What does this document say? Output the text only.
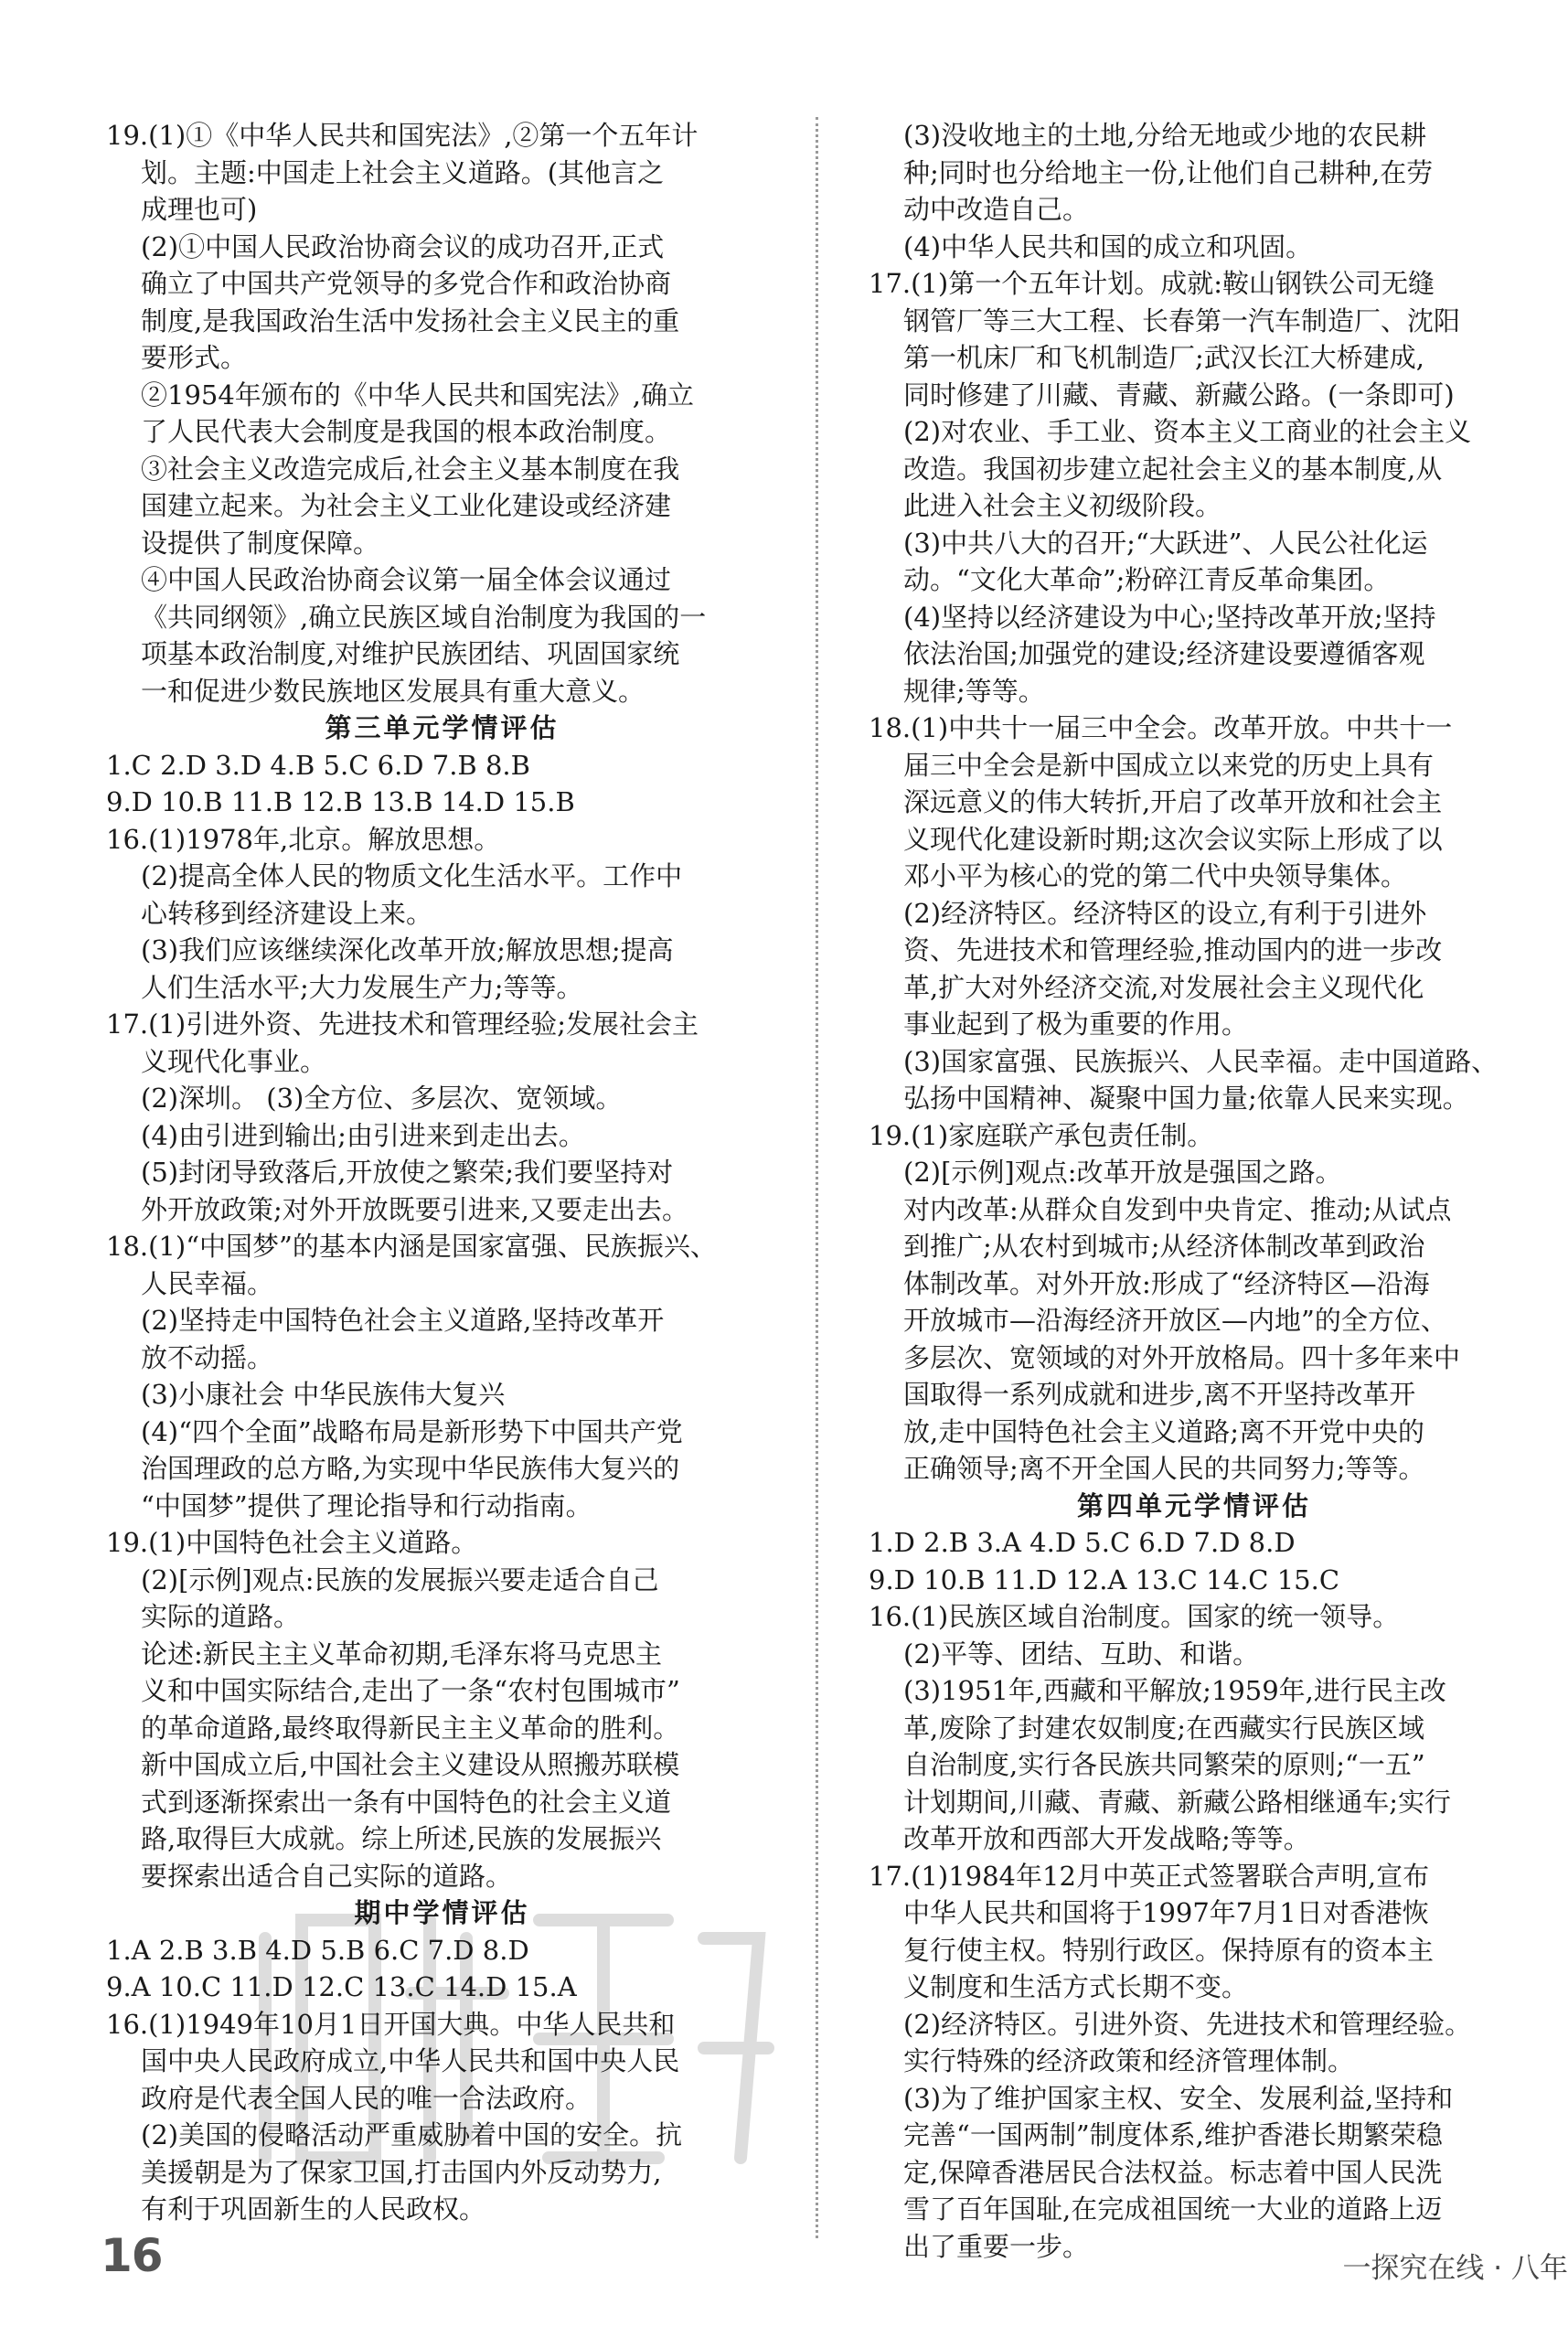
19.(1)①《中华人民共和国宪法》,②第一个五年计
划。主题:中国走上社会主义道路。(其他言之
成理也可)
(2)①中国人民政治协商会议的成功召开,正式
确立了中国共产党领导的多党合作和政治协商
制度,是我国政治生活中发扬社会主义民主的重
要形式。
②1954年颁布的《中华人民共和国宪法》,确立
了人民代表大会制度是我国的根本政治制度。
③社会主义改造完成后,社会主义基本制度在我
国建立起来。为社会主义工业化建设或经济建
设提供了制度保障。
④中国人民政治协商会议第一届全体会议通过
《共同纲领》,确立民族区域自治制度为我国的一
项基本政治制度,对维护民族团结、巩固国家统
一和促进少数民族地区发展具有重大意义。
第三单元学情评估
1.C 2.D 3.D 4.B 5.C 6.D 7.B 8.B
9.D 10.B 11.B 12.B 13.B 14.D 15.B
16.(1)1978年,北京。解放思想。
(2)提高全体人民的物质文化生活水平。工作中
心转移到经济建设上来。
(3)我们应该继续深化改革开放;解放思想;提高
人们生活水平;大力发展生产力;等等。
17.(1)引进外资、先进技术和管理经验;发展社会主
义现代化事业。
(2)深圳。 (3)全方位、多层次、宽领域。
(4)由引进到输出;由引进来到走出去。
(5)封闭导致落后,开放使之繁荣;我们要坚持对
外开放政策;对外开放既要引进来,又要走出去。
18.(1)“中国梦”的基本内涵是国家富强、民族振兴、
人民幸福。
(2)坚持走中国特色社会主义道路,坚持改革开
放不动摇。
(3)小康社会 中华民族伟大复兴
(4)“四个全面”战略布局是新形势下中国共产党
治国理政的总方略,为实现中华民族伟大复兴的
“中国梦”提供了理论指导和行动指南。
19.(1)中国特色社会主义道路。
(2)[示例]观点:民族的发展振兴要走适合自己
实际的道路。
论述:新民主主义革命初期,毛泽东将马克思主
义和中国实际结合,走出了一条“农村包围城市”
的革命道路,最终取得新民主主义革命的胜利。
新中国成立后,中国社会主义建设从照搬苏联模
式到逐渐探索出一条有中国特色的社会主义道
路,取得巨大成就。综上所述,民族的发展振兴
要探索出适合自己实际的道路。
期中学情评估
1.A 2.B 3.B 4.D 5.B 6.C 7.D 8.D
9.A 10.C 11.D 12.C 13.C 14.D 15.A
16.(1)1949年10月1日开国大典。中华人民共和
国中央人民政府成立,中华人民共和国中央人民
政府是代表全国人民的唯一合法政府。
(2)美国的侵略活动严重威胁着中国的安全。抗
美援朝是为了保家卫国,打击国内外反动势力,
有利于巩固新生的人民政权。
(3)没收地主的土地,分给无地或少地的农民耕
种;同时也分给地主一份,让他们自己耕种,在劳
动中改造自己。
(4)中华人民共和国的成立和巩固。
17.(1)第一个五年计划。成就:鞍山钢铁公司无缝
钢管厂等三大工程、长春第一汽车制造厂、沈阳
第一机床厂和飞机制造厂;武汉长江大桥建成,
同时修建了川藏、青藏、新藏公路。(一条即可)
(2)对农业、手工业、资本主义工商业的社会主义
改造。我国初步建立起社会主义的基本制度,从
此进入社会主义初级阶段。
(3)中共八大的召开;“大跃进”、人民公社化运
动。“文化大革命”;粉碎江青反革命集团。
(4)坚持以经济建设为中心;坚持改革开放;坚持
依法治国;加强党的建设;经济建设要遵循客观
规律;等等。
18.(1)中共十一届三中全会。改革开放。中共十一
届三中全会是新中国成立以来党的历史上具有
深远意义的伟大转折,开启了改革开放和社会主
义现代化建设新时期;这次会议实际上形成了以
邓小平为核心的党的第二代中央领导集体。
(2)经济特区。经济特区的设立,有利于引进外
资、先进技术和管理经验,推动国内的进一步改
革,扩大对外经济交流,对发展社会主义现代化
事业起到了极为重要的作用。
(3)国家富强、民族振兴、人民幸福。走中国道路、
弘扬中国精神、凝聚中国力量;依靠人民来实现。
19.(1)家庭联产承包责任制。
(2)[示例]观点:改革开放是强国之路。
对内改革:从群众自发到中央肯定、推动;从试点
到推广;从农村到城市;从经济体制改革到政治
体制改革。对外开放:形成了“经济特区—沿海
开放城市—沿海经济开放区—内地”的全方位、
多层次、宽领域的对外开放格局。四十多年来中
国取得一系列成就和进步,离不开坚持改革开
放,走中国特色社会主义道路;离不开党中央的
正确领导;离不开全国人民的共同努力;等等。
第四单元学情评估
1.D 2.B 3.A 4.D 5.C 6.D 7.D 8.D
9.D 10.B 11.D 12.A 13.C 14.C 15.C
16.(1)民族区域自治制度。国家的统一领导。
(2)平等、团结、互助、和谐。
(3)1951年,西藏和平解放;1959年,进行民主改
革,废除了封建农奴制度;在西藏实行民族区域
自治制度,实行各民族共同繁荣的原则;“一五”
计划期间,川藏、青藏、新藏公路相继通车;实行
改革开放和西部大开发战略;等等。
17.(1)1984年12月中英正式签署联合声明,宣布
中华人民共和国将于1997年7月1日对香港恢
复行使主权。特别行政区。保持原有的资本主
义制度和生活方式长期不变。
(2)经济特区。引进外资、先进技术和管理经验。
实行特殊的经济政策和经济管理体制。
(3)为了维护国家主权、安全、发展利益,坚持和
完善“一国两制”制度体系,维护香港长期繁荣稳
定,保障香港居民合法权益。标志着中国人民洗
雪了百年国耻,在完成祖国统一大业的道路上迈
出了重要一步。
16	一探究在线 · 八年
